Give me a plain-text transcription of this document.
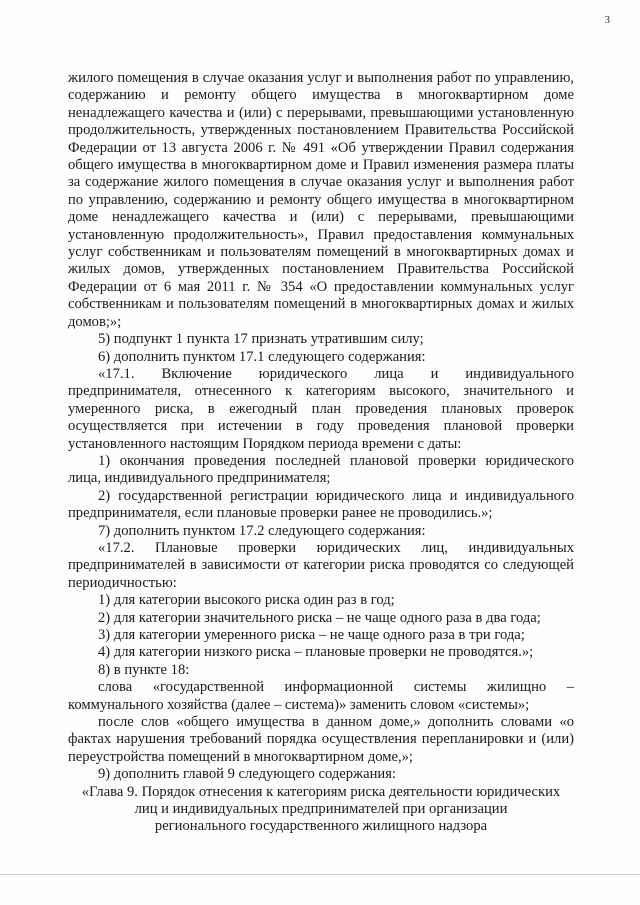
3

жилого помещения в случае оказания услуг и выполнения работ по управлению, содержанию и ремонту общего имущества в многоквартирном доме ненадлежащего качества и (или) с перерывами, превышающими установленную продолжительность, утвержденных постановлением Правительства Российской Федерации от 13 августа 2006 г. № 491 «Об утверждении Правил содержания общего имущества в многоквартирном доме и Правил изменения размера платы за содержание жилого помещения в случае оказания услуг и выполнения работ по управлению, содержанию и ремонту общего имущества в многоквартирном доме ненадлежащего качества и (или) с перерывами, превышающими установленную продолжительность», Правил предоставления коммунальных услуг собственникам и пользователям помещений в многоквартирных домах и жилых домов, утвержденных постановлением Правительства Российской Федерации от 6 мая 2011 г. № 354 «О предоставлении коммунальных услуг собственникам и пользователям помещений в многоквартирных домах и жилых домов;»;

5) подпункт 1 пункта 17 признать утратившим силу;

6) дополнить пунктом 17.1 следующего содержания:

«17.1. Включение юридического лица и индивидуального предпринимателя, отнесенного к категориям высокого, значительного и умеренного риска, в ежегодный план проведения плановых проверок осуществляется при истечении в году проведения плановой проверки установленного настоящим Порядком периода времени с даты:

1) окончания проведения последней плановой проверки юридического лица, индивидуального предпринимателя;

2) государственной регистрации юридического лица и индивидуального предпринимателя, если плановые проверки ранее не проводились.»;

7) дополнить пунктом 17.2 следующего содержания:

«17.2. Плановые проверки юридических лиц, индивидуальных предпринимателей в зависимости от категории риска проводятся со следующей периодичностью:

1) для категории высокого риска один раз в год;

2) для категории значительного риска – не чаще одного раза в два года;

3) для категории умеренного риска – не чаще одного раза в три года;

4) для категории низкого риска – плановые проверки не проводятся.»;

8) в пункте 18:

слова «государственной информационной системы жилищно – коммунального хозяйства (далее – система)» заменить словом «системы»;

после слов «общего имущества в данном доме,» дополнить словами «о фактах нарушения требований порядка осуществления перепланировки и (или) переустройства помещений в многоквартирном доме,»;

9) дополнить главой 9 следующего содержания:

«Глава 9. Порядок отнесения к категориям риска деятельности юридических

лиц и индивидуальных предпринимателей при организации

регионального государственного жилищного надзора
